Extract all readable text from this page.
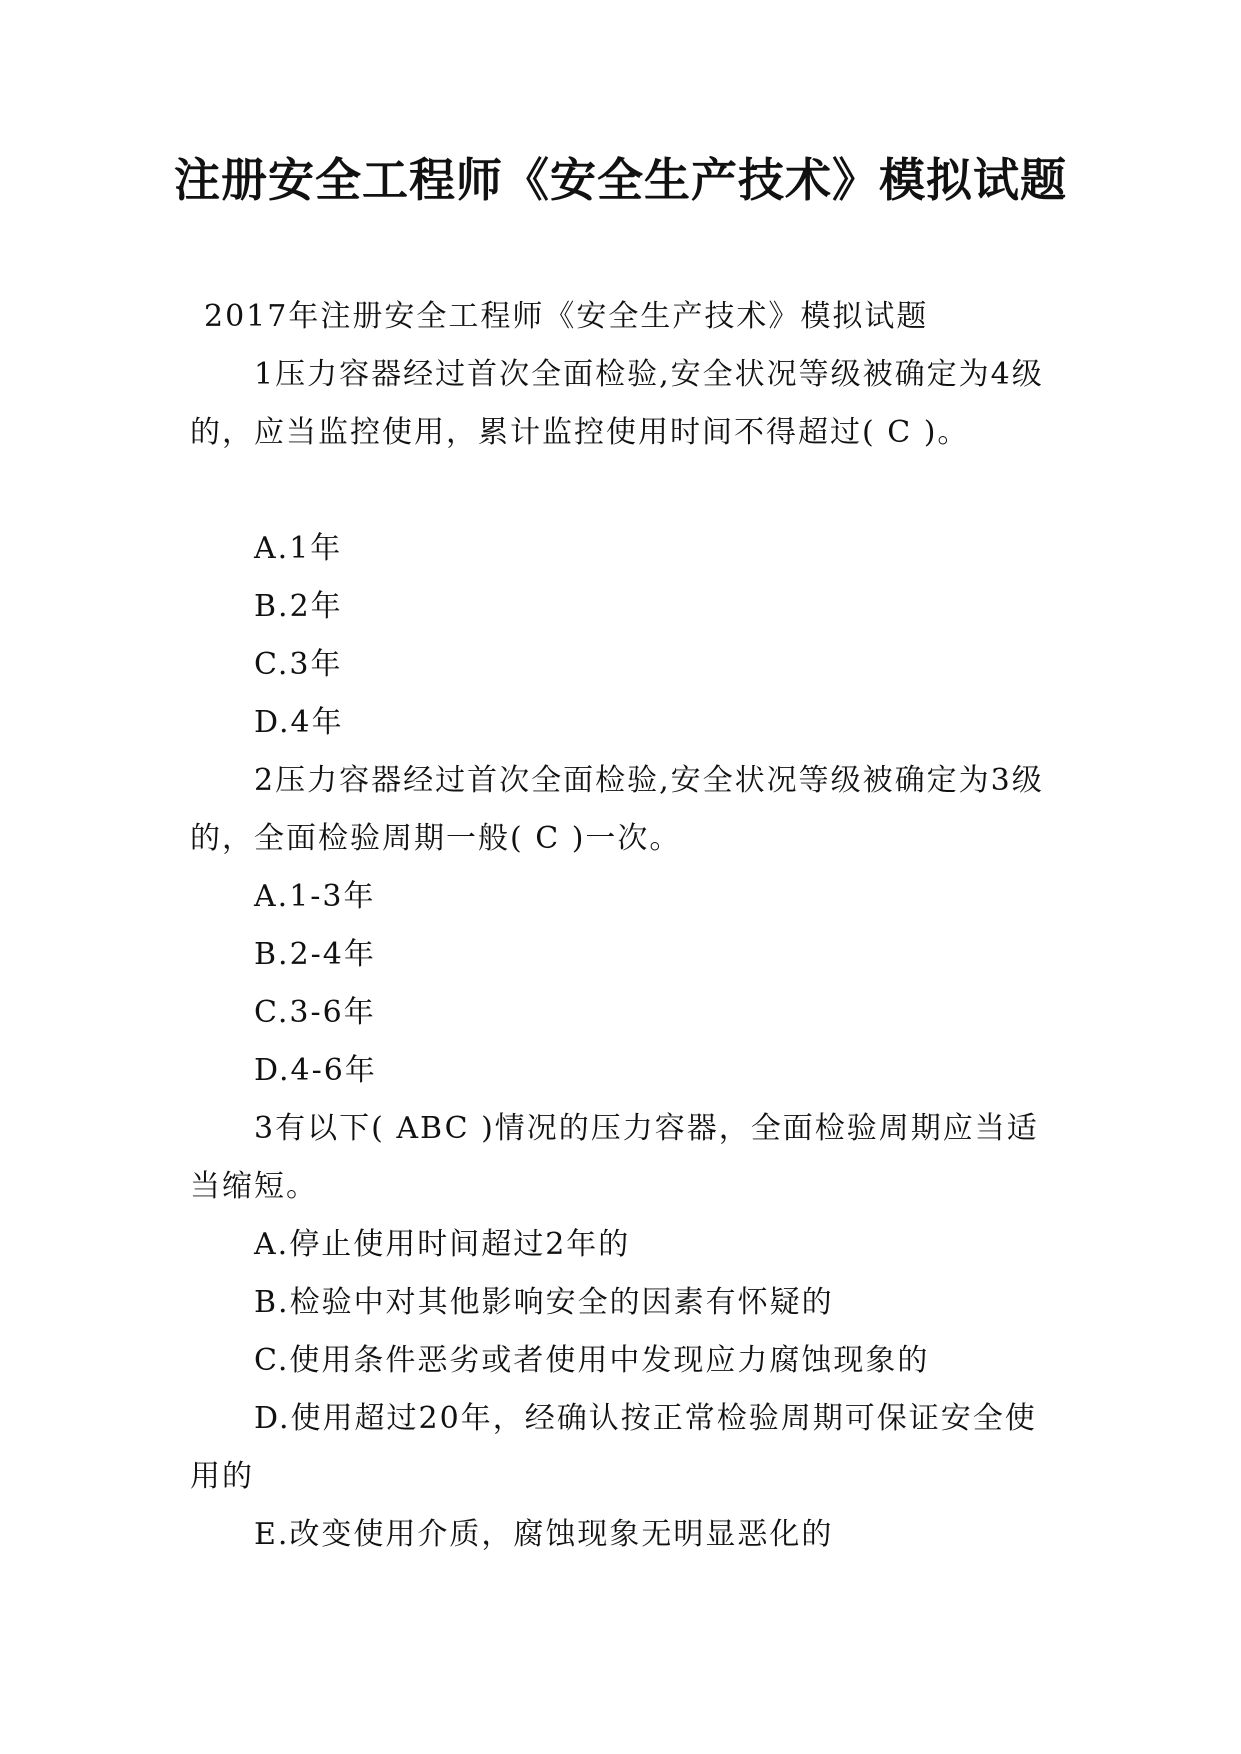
注册安全工程师《安全生产技术》模拟试题

2017年注册安全工程师《安全生产技术》模拟试题

1压力容器经过首次全面检验,安全状况等级被确定为4级的，应当监控使用，累计监控使用时间不得超过( C )。

A.1年

B.2年

C.3年

D.4年

2压力容器经过首次全面检验,安全状况等级被确定为3级的，全面检验周期一般( C )一次。

A.1-3年

B.2-4年

C.3-6年

D.4-6年

3有以下( ABC )情况的压力容器，全面检验周期应当适当缩短。

A.停止使用时间超过2年的

B.检验中对其他影响安全的因素有怀疑的

C.使用条件恶劣或者使用中发现应力腐蚀现象的

D.使用超过20年，经确认按正常检验周期可保证安全使用的

E.改变使用介质，腐蚀现象无明显恶化的
